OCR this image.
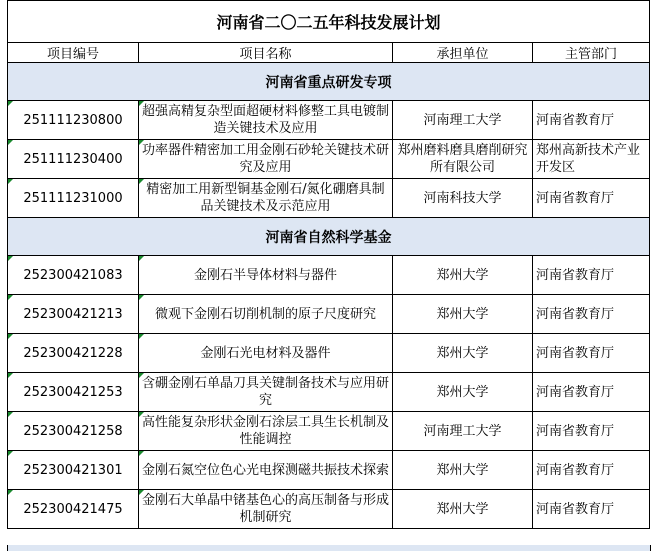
河南省二〇二五年科技发展计划			
项目编号	项目名称	承担单位	主管部门
河南省重点研发专项			

251111230800	超强高精复杂型面超硬材料修整工具电镀制造关键技术及应用	河南理工大学	河南省教育厅

251111230400	功率器件精密加工用金刚石砂轮关键技术研究及应用	郑州磨料磨具磨削研究所有限公司	郑州高新技术产业开发区

251111231000	精密加工用新型铜基金刚石/氮化硼磨具制品关键技术及示范应用	河南科技大学	河南省教育厅
河南省自然科学基金			

252300421083	金刚石半导体材料与器件	郑州大学	河南省教育厅

252300421213	微观下金刚石切削机制的原子尺度研究	郑州大学	河南省教育厅

252300421228	金刚石光电材料及器件	郑州大学	河南省教育厅

252300421253	含硼金刚石单晶刀具关键制备技术与应用研究	郑州大学	河南省教育厅

252300421258	高性能复杂形状金刚石涂层工具生长机制及性能调控	河南理工大学	河南省教育厅

252300421301	金刚石氮空位色心光电探测磁共振技术探索	郑州大学	河南省教育厅

252300421475	金刚石大单晶中锗基色心的高压制备与形成机制研究	郑州大学	河南省教育厅
